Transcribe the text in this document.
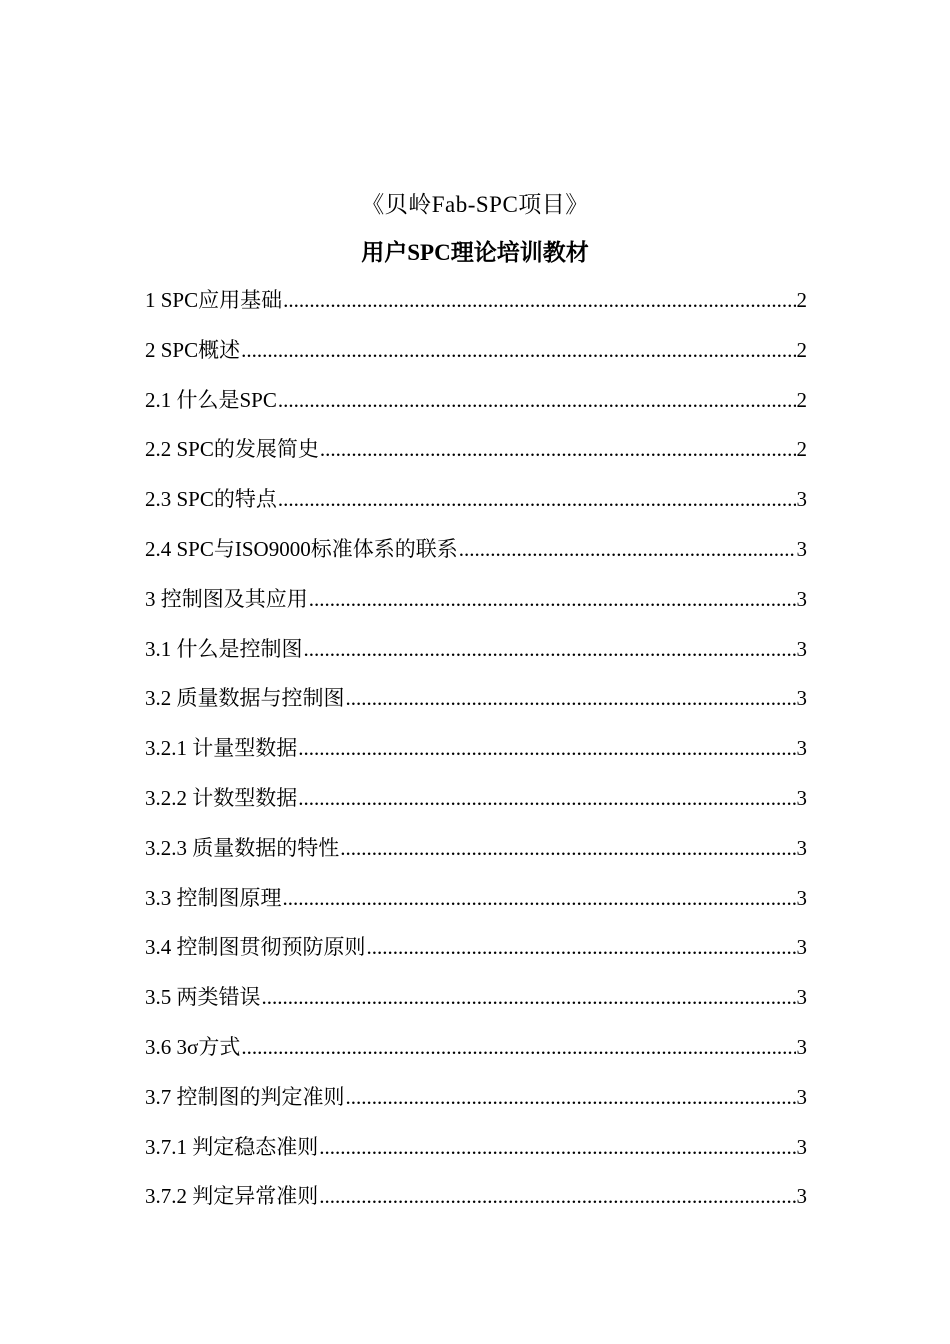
《贝岭Fab-SPC项目》
用户SPC理论培训教材
1 SPC应用基础 .....	2
2 SPC概述 .....	2
2.1 什么是SPC .....	2
2.2 SPC的发展简史 .....	2
2.3 SPC的特点 .....	3
2.4 SPC与ISO9000标准体系的联系 .....	3
3 控制图及其应用 .....	3
3.1 什么是控制图 .....	3
3.2 质量数据与控制图 .....	3
3.2.1 计量型数据 .....	3
3.2.2 计数型数据 .....	3
3.2.3 质量数据的特性 .....	3
3.3 控制图原理 .....	3
3.4 控制图贯彻预防原则 .....	3
3.5 两类错误 .....	3
3.6 3σ方式 .....	3
3.7 控制图的判定准则 .....	3
3.7.1 判定稳态准则 .....	3
3.7.2 判定异常准则 .....	3
